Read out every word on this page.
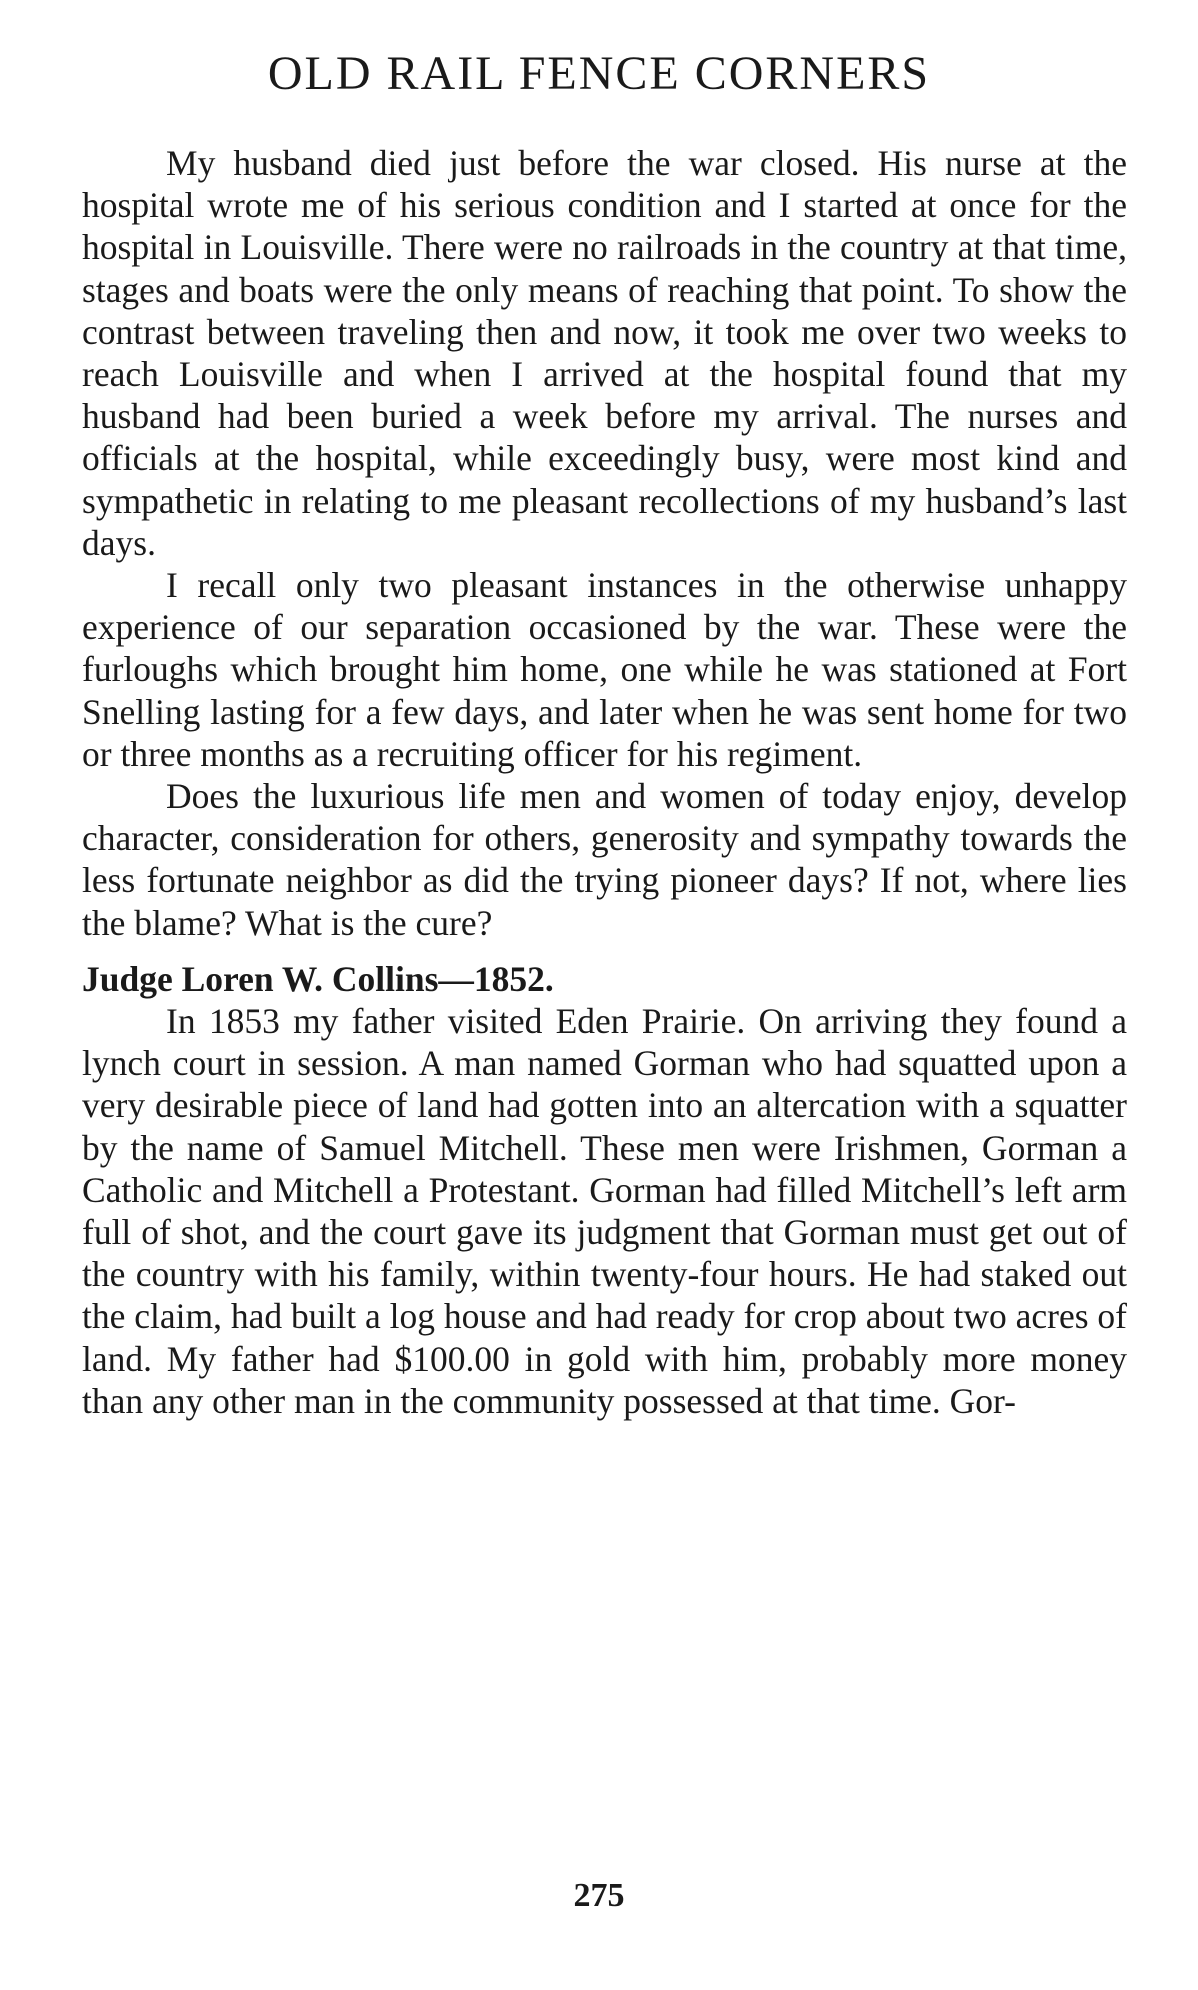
OLD RAIL FENCE CORNERS

My husband died just before the war closed. His nurse at the hospital wrote me of his serious condition and I started at once for the hospital in Louisville. There were no railroads in the country at that time, stages and boats were the only means of reaching that point. To show the contrast between traveling then and now, it took me over two weeks to reach Louisville and when I arrived at the hospital found that my husband had been buried a week before my arrival. The nurses and officials at the hospital, while exceedingly busy, were most kind and sympathetic in relating to me pleasant recollections of my husband’s last days.

I recall only two pleasant instances in the otherwise unhappy experience of our separation occasioned by the war. These were the furloughs which brought him home, one while he was stationed at Fort Snelling lasting for a few days, and later when he was sent home for two or three months as a recruiting officer for his regiment.

Does the luxurious life men and women of today enjoy, develop character, consideration for others, generosity and sympathy towards the less fortunate neighbor as did the trying pioneer days? If not, where lies the blame? What is the cure?

Judge Loren W. Collins—1852.

In 1853 my father visited Eden Prairie. On arriving they found a lynch court in session. A man named Gorman who had squatted upon a very desirable piece of land had gotten into an altercation with a squatter by the name of Samuel Mitchell. These men were Irishmen, Gorman a Catholic and Mitchell a Protestant. Gorman had filled Mitchell’s left arm full of shot, and the court gave its judgment that Gorman must get out of the country with his family, within twenty-four hours. He had staked out the claim, had built a log house and had ready for crop about two acres of land. My father had $100.00 in gold with him, probably more money than any other man in the community possessed at that time. Gor-

275
